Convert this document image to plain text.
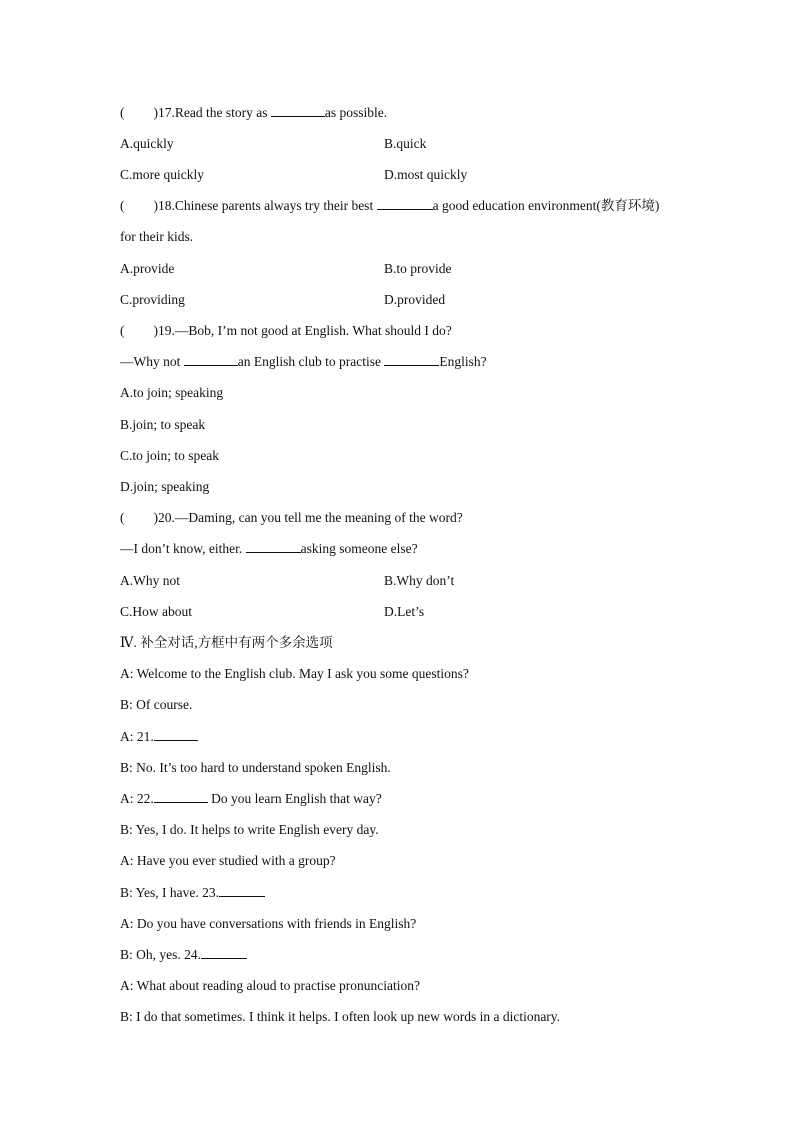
( )17.Read the story as	as possible.
A.quickly	B.quick
C.more quickly	D.most quickly
( )18.Chinese parents always try their best	a good education environment(教育环境)
for their kids.
A.provide	B.to provide
C.providing	D.provided
( )19.—Bob, I’m not good at English. What should I do?
—Why not	an English club to practise	English?
A.to join; speaking
B.join; to speak
C.to join; to speak
D.join; speaking
( )20.—Daming, can you tell me the meaning of the word?
—I don’t know, either.	asking someone else?
A.Why not	B.Why don’t
C.How about	D.Let’s
Ⅳ. 补全对话,方框中有两个多余选项
A: Welcome to the English club. May I ask you some questions?
B: Of course.
A: 21.
B: No. It’s too hard to understand spoken English.
A: 22.	Do you learn English that way?
B: Yes, I do. It helps to write English every day.
A: Have you ever studied with a group?
B: Yes, I have. 23.
A: Do you have conversations with friends in English?
B: Oh, yes. 24.
A: What about reading aloud to practise pronunciation?
B: I do that sometimes. I think it helps. I often look up new words in a dictionary.
